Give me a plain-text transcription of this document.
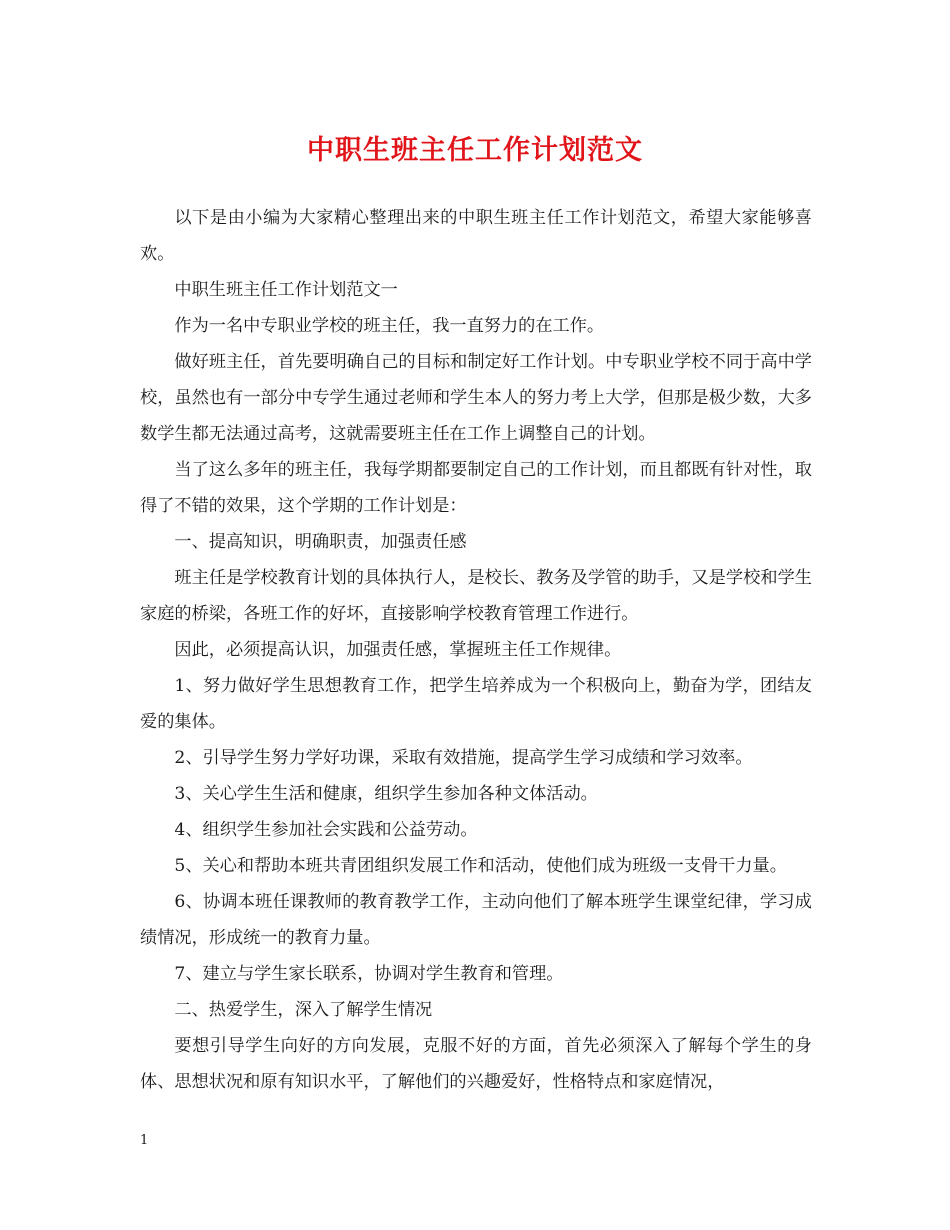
中职生班主任工作计划范文

以下是由小编为大家精心整理出来的中职生班主任工作计划范文，希望大家能够喜欢。

中职生班主任工作计划范文一

作为一名中专职业学校的班主任，我一直努力的在工作。

做好班主任，首先要明确自己的目标和制定好工作计划。中专职业学校不同于高中学校，虽然也有一部分中专学生通过老师和学生本人的努力考上大学，但那是极少数，大多数学生都无法通过高考，这就需要班主任在工作上调整自己的计划。

当了这么多年的班主任，我每学期都要制定自己的工作计划，而且都既有针对性，取得了不错的效果，这个学期的工作计划是：

一、提高知识，明确职责，加强责任感

班主任是学校教育计划的具体执行人，是校长、教务及学管的助手，又是学校和学生家庭的桥梁，各班工作的好坏，直接影响学校教育管理工作进行。

因此，必须提高认识，加强责任感，掌握班主任工作规律。

1、努力做好学生思想教育工作，把学生培养成为一个积极向上，勤奋为学，团结友爱的集体。

2、引导学生努力学好功课，采取有效措施，提高学生学习成绩和学习效率。

3、关心学生生活和健康，组织学生参加各种文体活动。

4、组织学生参加社会实践和公益劳动。

5、关心和帮助本班共青团组织发展工作和活动，使他们成为班级一支骨干力量。

6、协调本班任课教师的教育教学工作，主动向他们了解本班学生课堂纪律，学习成绩情况，形成统一的教育力量。

7、建立与学生家长联系，协调对学生教育和管理。

二、热爱学生，深入了解学生情况

要想引导学生向好的方向发展，克服不好的方面，首先必须深入了解每个学生的身体、思想状况和原有知识水平，了解他们的兴趣爱好，性格特点和家庭情况，

1
